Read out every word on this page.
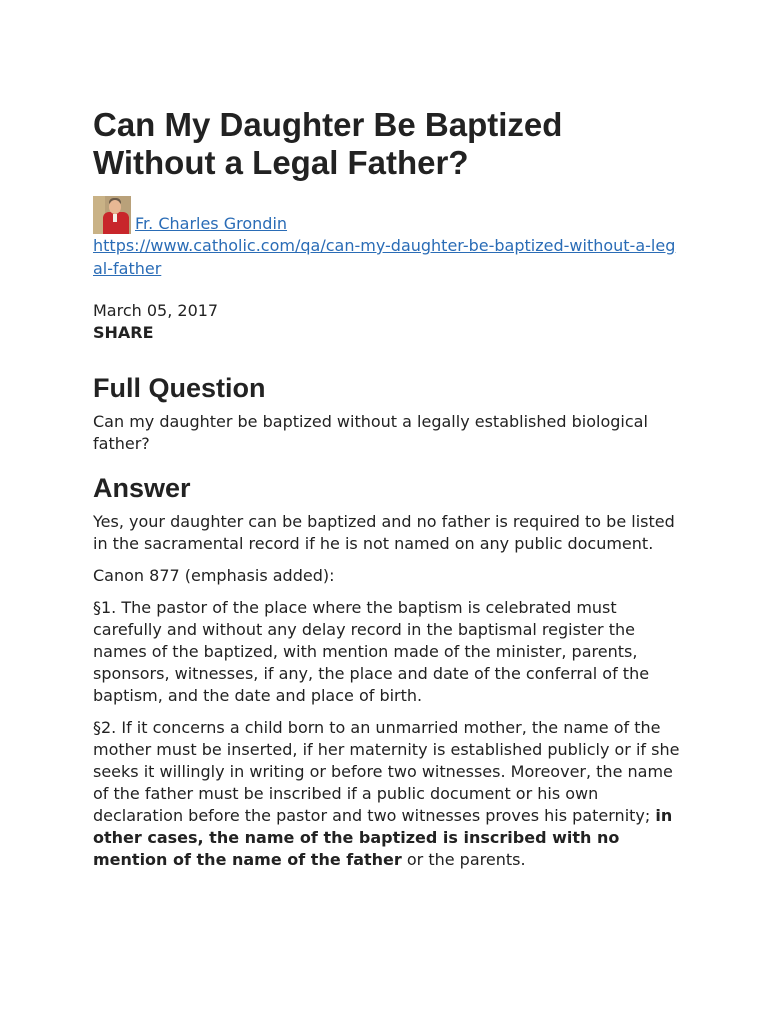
Can My Daughter Be Baptized Without a Legal Father?
Fr. Charles Grondin
https://www.catholic.com/qa/can-my-daughter-be-baptized-without-a-legal-father

March 05, 2017

SHARE

Full Question

Can my daughter be baptized without a legally established biological father?

Answer

Yes, your daughter can be baptized and no father is required to be listed in the sacramental record if he is not named on any public document.

Canon 877 (emphasis added):

§1. The pastor of the place where the baptism is celebrated must carefully and without any delay record in the baptismal register the names of the baptized, with mention made of the minister, parents, sponsors, witnesses, if any, the place and date of the conferral of the baptism, and the date and place of birth.

§2. If it concerns a child born to an unmarried mother, the name of the mother must be inserted, if her maternity is established publicly or if she seeks it willingly in writing or before two witnesses. Moreover, the name of the father must be inscribed if a public document or his own declaration before the pastor and two witnesses proves his paternity; in other cases, the name of the baptized is inscribed with no mention of the name of the father or the parents.
